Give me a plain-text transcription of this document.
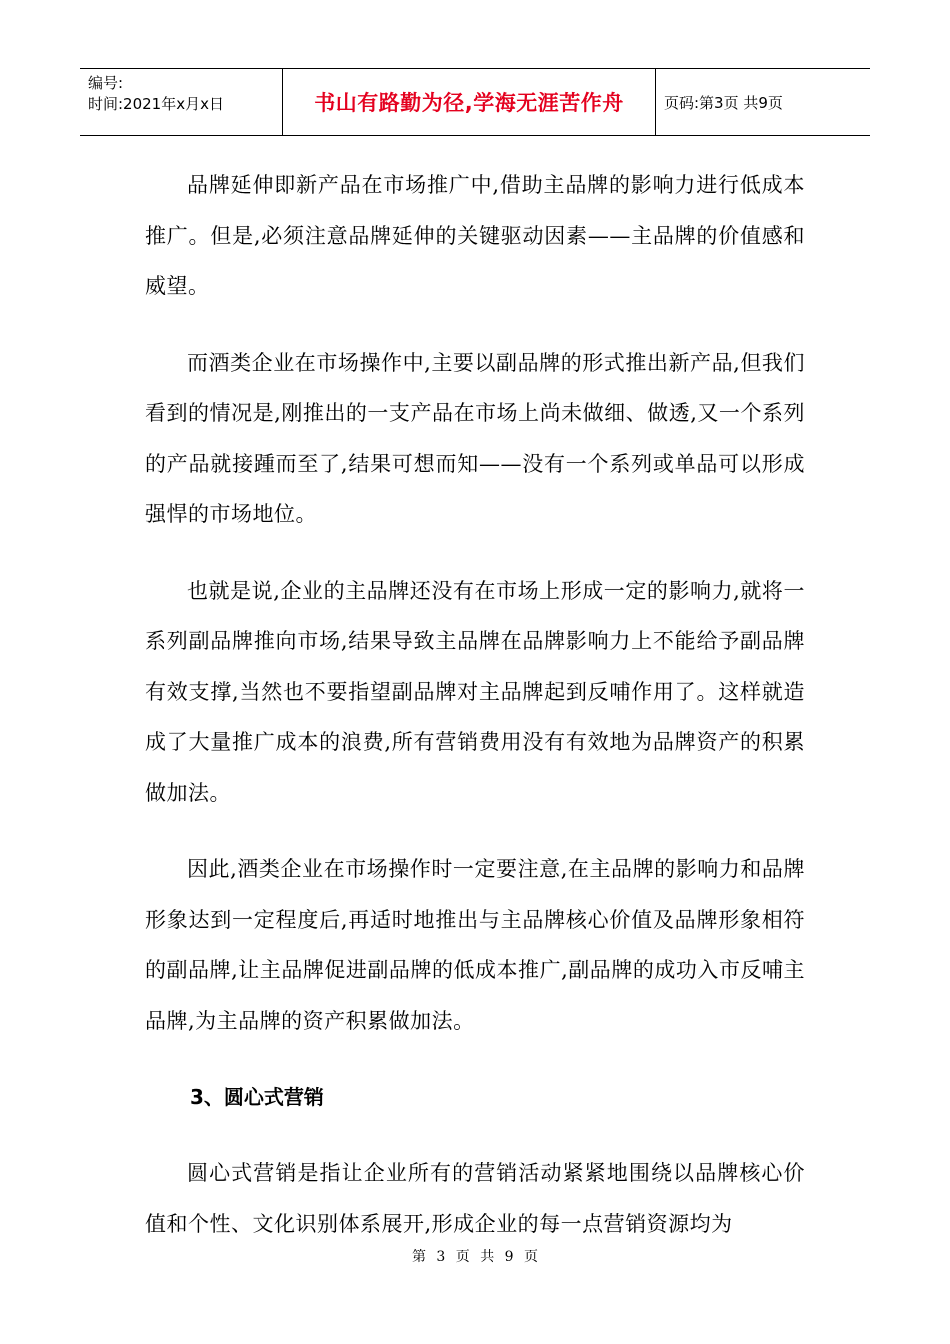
编号:
时间:2021年x月x日	书山有路勤为径,学海无涯苦作舟	页码:第3页 共9页

品牌延伸即新产品在市场推广中,借助主品牌的影响力进行低成本推广。但是,必须注意品牌延伸的关键驱动因素——主品牌的价值感和威望。

而酒类企业在市场操作中,主要以副品牌的形式推出新产品,但我们看到的情况是,刚推出的一支产品在市场上尚未做细、做透,又一个系列的产品就接踵而至了,结果可想而知——没有一个系列或单品可以形成强悍的市场地位。

也就是说,企业的主品牌还没有在市场上形成一定的影响力,就将一系列副品牌推向市场,结果导致主品牌在品牌影响力上不能给予副品牌有效支撑,当然也不要指望副品牌对主品牌起到反哺作用了。这样就造成了大量推广成本的浪费,所有营销费用没有有效地为品牌资产的积累做加法。

因此,酒类企业在市场操作时一定要注意,在主品牌的影响力和品牌形象达到一定程度后,再适时地推出与主品牌核心价值及品牌形象相符的副品牌,让主品牌促进副品牌的低成本推广,副品牌的成功入市反哺主品牌,为主品牌的资产积累做加法。

3、圆心式营销

圆心式营销是指让企业所有的营销活动紧紧地围绕以品牌核心价值和个性、文化识别体系展开,形成企业的每一点营销资源均为

第 3 页 共 9 页
